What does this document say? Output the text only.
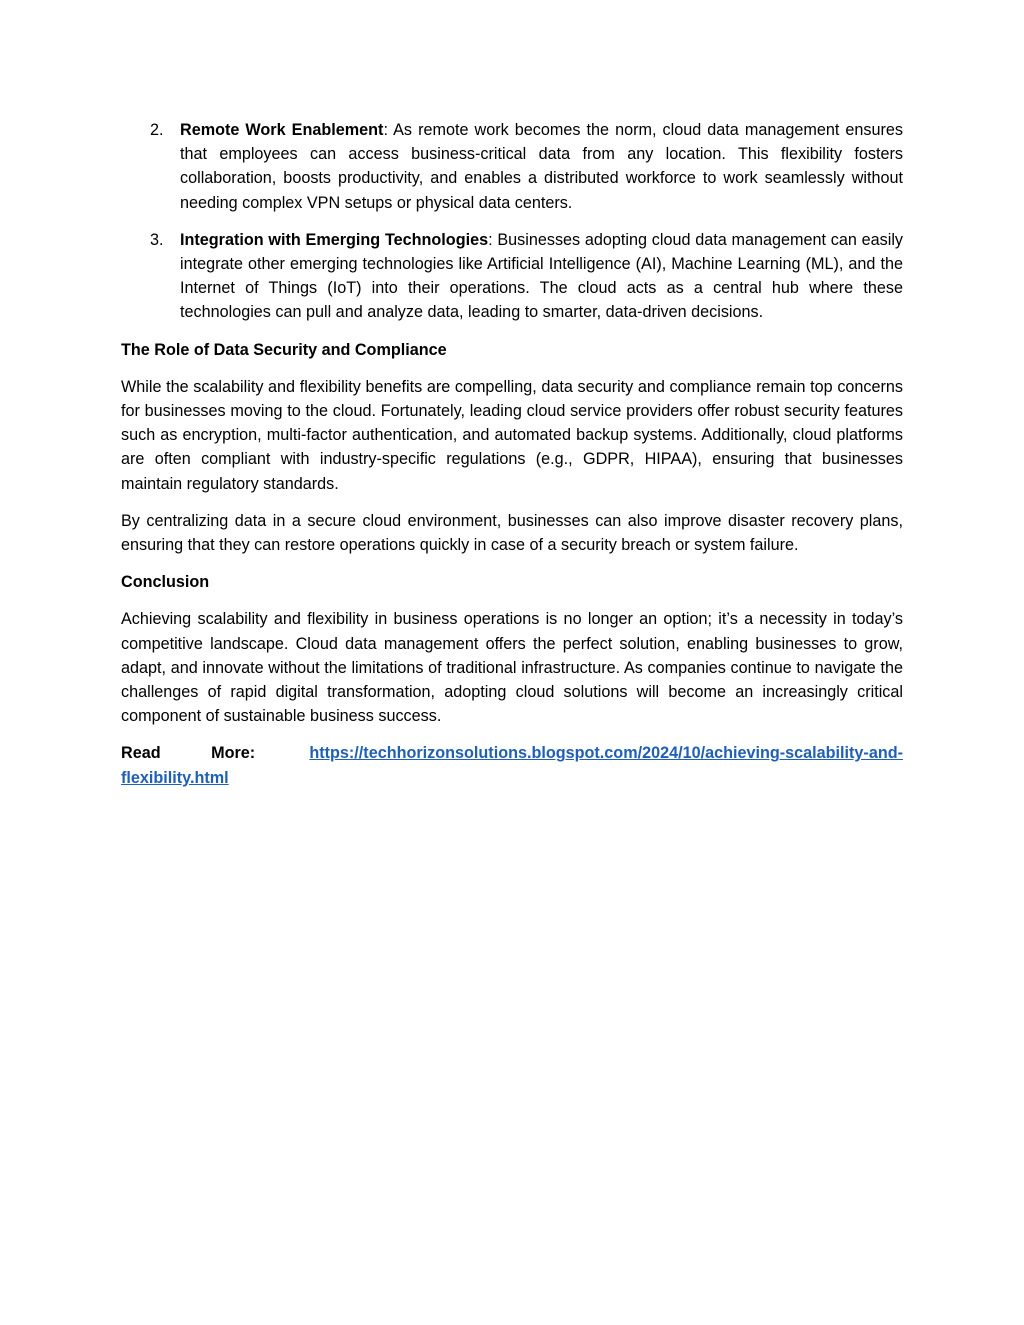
2. Remote Work Enablement: As remote work becomes the norm, cloud data management ensures that employees can access business-critical data from any location. This flexibility fosters collaboration, boosts productivity, and enables a distributed workforce to work seamlessly without needing complex VPN setups or physical data centers.
3. Integration with Emerging Technologies: Businesses adopting cloud data management can easily integrate other emerging technologies like Artificial Intelligence (AI), Machine Learning (ML), and the Internet of Things (IoT) into their operations. The cloud acts as a central hub where these technologies can pull and analyze data, leading to smarter, data-driven decisions.

The Role of Data Security and Compliance

While the scalability and flexibility benefits are compelling, data security and compliance remain top concerns for businesses moving to the cloud. Fortunately, leading cloud service providers offer robust security features such as encryption, multi-factor authentication, and automated backup systems. Additionally, cloud platforms are often compliant with industry-specific regulations (e.g., GDPR, HIPAA), ensuring that businesses maintain regulatory standards.

By centralizing data in a secure cloud environment, businesses can also improve disaster recovery plans, ensuring that they can restore operations quickly in case of a security breach or system failure.

Conclusion

Achieving scalability and flexibility in business operations is no longer an option; it’s a necessity in today’s competitive landscape. Cloud data management offers the perfect solution, enabling businesses to grow, adapt, and innovate without the limitations of traditional infrastructure. As companies continue to navigate the challenges of rapid digital transformation, adopting cloud solutions will become an increasingly critical component of sustainable business success.

Read More:	https://techhorizonsolutions.blogspot.com/2024/10/achieving-scalability-and-flexibility.html
